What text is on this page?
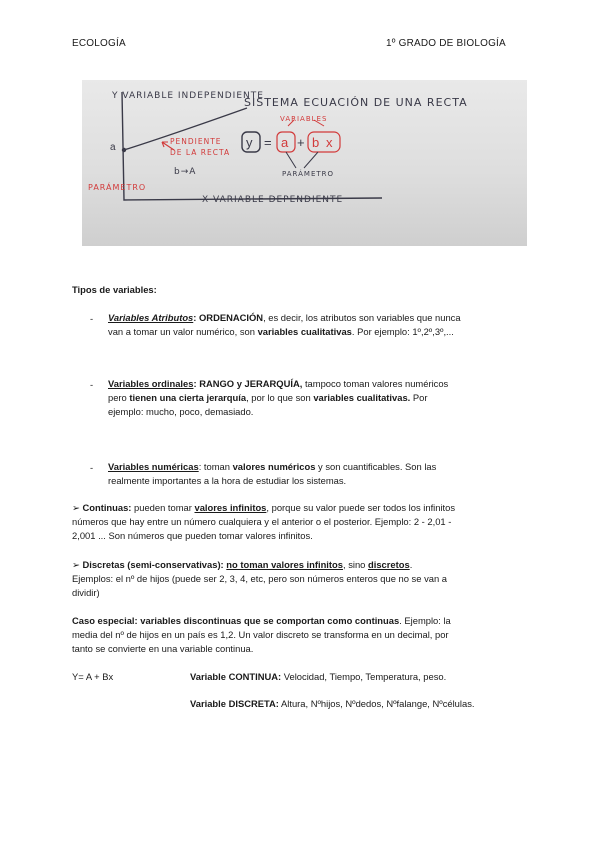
ECOLOGÍA	1º GRADO DE BIOLOGÍA
Y VARIABLE INDEPENDIENTE
SISTEMA ECUACIÓN DE UNA RECTA
VARIABLES
y = a + b x
PENDIENTE
DE LA RECTA
a
b→A	PARÁMETRO
PARÁMETRO
X VARIABLE DEPENDIENTE
Tipos de variables:
- Variables Atributos: ORDENACIÓN, es decir, los atributos son variables que nunca
van a tomar un valor numérico, son variables cualitativas. Por ejemplo: 1º,2º,3º,...
- Variables ordinales: RANGO y JERARQUÍA, tampoco toman valores numéricos
pero tienen una cierta jerarquía, por lo que son variables cualitativas. Por
ejemplo: mucho, poco, demasiado.
- Variables numéricas: toman valores numéricos y son cuantificables. Son las
realmente importantes a la hora de estudiar los sistemas.
➢ Continuas: pueden tomar valores infinitos, porque su valor puede ser todos los infinitos
números que hay entre un número cualquiera y el anterior o el posterior. Ejemplo: 2 - 2,01 -
2,001 ... Son números que pueden tomar valores infinitos.
➢ Discretas (semi-conservativas): no toman valores infinitos, sino discretos.
Ejemplos: el nº de hijos (puede ser 2, 3, 4, etc, pero son números enteros que no se van a
dividir)
Caso especial: variables discontinuas que se comportan como continuas. Ejemplo: la
media del nº de hijos en un país es 1,2. Un valor discreto se transforma en un decimal, por
tanto se convierte en una variable continua.
Y= A + Bx	Variable CONTINUA: Velocidad, Tiempo, Temperatura, peso.
Variable DISCRETA: Altura, Nºhijos, Nºdedos, Nºfalange, Nºcélulas.
